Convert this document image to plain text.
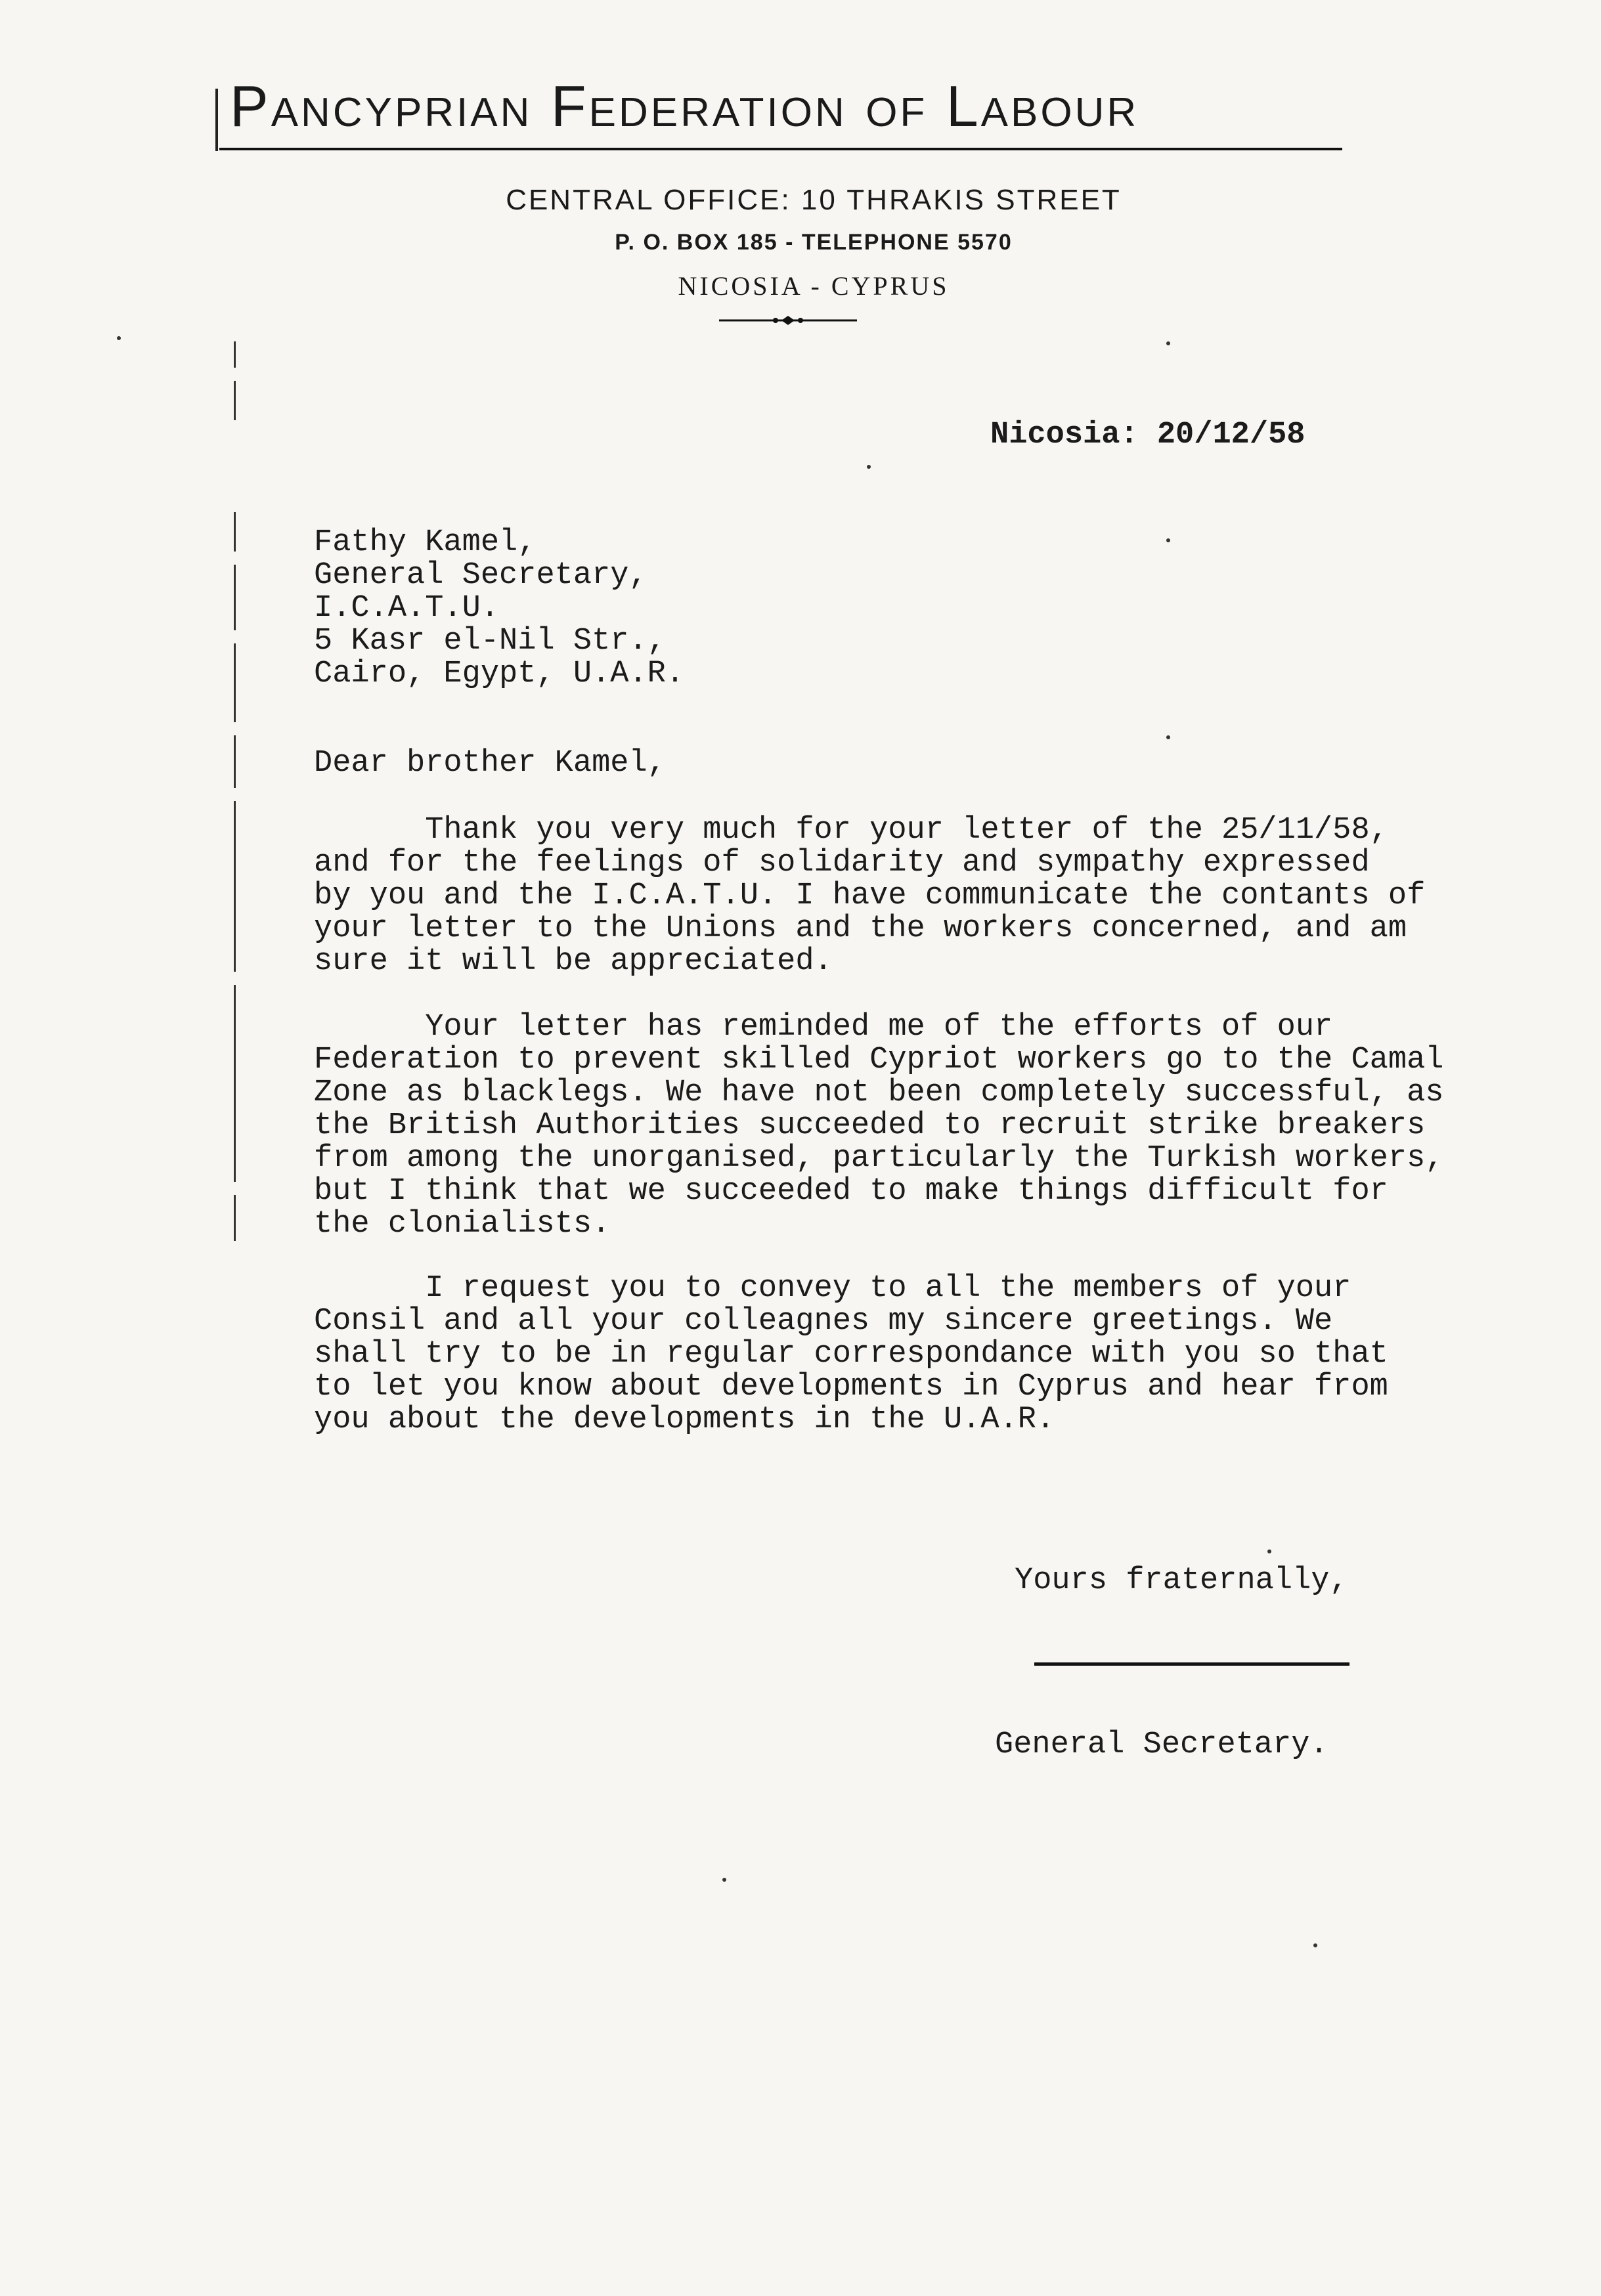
Pancyprian Federation of Labour
CENTRAL OFFICE: 10 THRAKIS STREET
P. O. BOX 185 - TELEPHONE 5570
NICOSIA - CYPRUS
Nicosia: 20/12/58
Fathy Kamel,
General Secretary,
I.C.A.T.U.
5 Kasr el-Nil Str.,
Cairo, Egypt, U.A.R.
Dear brother Kamel,
Thank you very much for your letter of the 25/11/58,
and for the feelings of solidarity and sympathy expressed
by you and the I.C.A.T.U. I have communicate the contants of
your letter to the Unions and the workers concerned, and am
sure it will be appreciated.
Your letter has reminded me of the efforts of our
Federation to prevent skilled Cypriot workers go to the Camal
Zone as blacklegs. We have not been completely successful, as
the British Authorities succeeded to recruit strike breakers
from among the unorganised, particularly the Turkish workers,
but I think that we succeeded to make things difficult for
the clonialists.
I request you to convey to all the members of your
Consil and all your colleagnes my sincere greetings. We
shall try to be in regular correspondance with you so that
to let you know about developments in Cyprus and hear from
you about the developments in the U.A.R.
Yours fraternally,
General Secretary.
